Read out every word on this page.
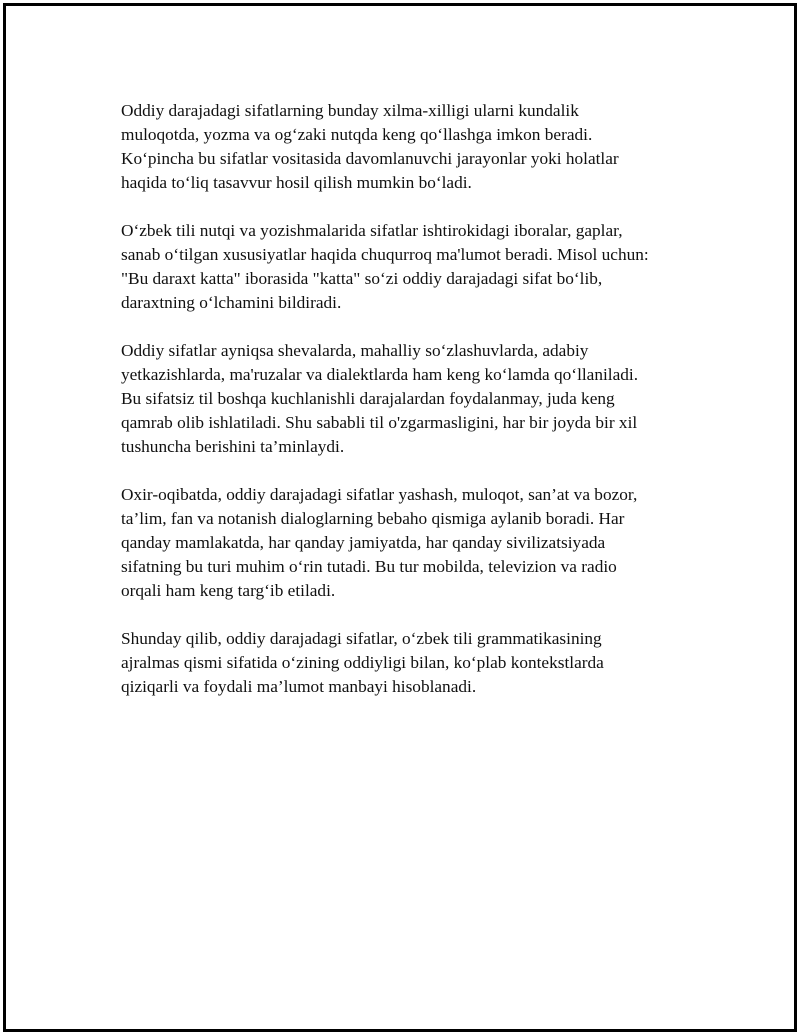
Oddiy darajadagi sifatlarning bunday xilma-xilligi ularni kundalik
muloqotda, yozma va og‘zaki nutqda keng qo‘llashga imkon beradi.
Ko‘pincha bu sifatlar vositasida davomlanuvchi jarayonlar yoki holatlar
haqida to‘liq tasavvur hosil qilish mumkin bo‘ladi.

O‘zbek tili nutqi va yozishmalarida sifatlar ishtirokidagi iboralar, gaplar,
sanab o‘tilgan xususiyatlar haqida chuqurroq ma'lumot beradi. Misol uchun:
"Bu daraxt katta" iborasida "katta" so‘zi oddiy darajadagi sifat bo‘lib,
daraxtning o‘lchamini bildiradi.

Oddiy sifatlar ayniqsa shevalarda, mahalliy so‘zlashuvlarda, adabiy
yetkazishlarda, ma'ruzalar va dialektlarda ham keng ko‘lamda qo‘llaniladi.
Bu sifatsiz til boshqa kuchlanishli darajalardan foydalanmay, juda keng
qamrab olib ishlatiladi. Shu sababli til o'zgarmasligini, har bir joyda bir xil
tushuncha berishini ta’minlaydi.

Oxir-oqibatda, oddiy darajadagi sifatlar yashash, muloqot, san’at va bozor,
ta’lim, fan va notanish dialoglarning bebaho qismiga aylanib boradi. Har
qanday mamlakatda, har qanday jamiyatda, har qanday sivilizatsiyada
sifatning bu turi muhim o‘rin tutadi. Bu tur mobilda, televizion va radio
orqali ham keng targ‘ib etiladi.

Shunday qilib, oddiy darajadagi sifatlar, o‘zbek tili grammatikasining
ajralmas qismi sifatida o‘zining oddiyligi bilan, ko‘plab kontekstlarda
qiziqarli va foydali ma’lumot manbayi hisoblanadi.
